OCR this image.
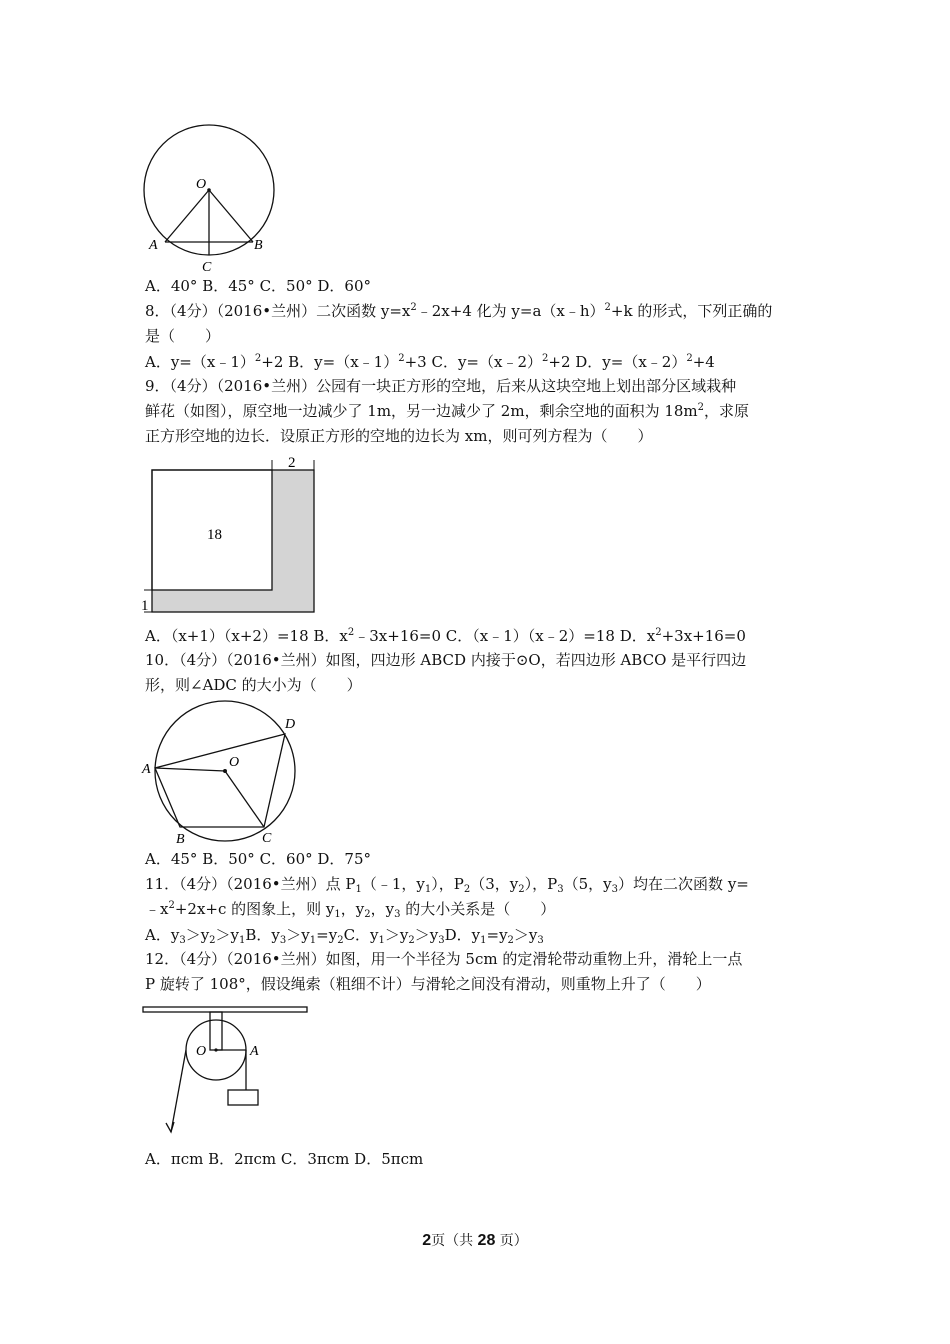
O
A	B
C
A．40° B．45° C．50° D．60°
8．（4分）（2016•兰州）二次函数 $y=x^2﹣2x+4$ 化为 y=a（x﹣h）$^2$+k 的形式，下列正确的
是（　　）
A．y=（x﹣1）$^2$+2 B．y=（x﹣1）$^2$+3 C．y=（x﹣2）$^2$+2 D．y=（x﹣2）$^2$+4
9．（4分）（2016•兰州）公园有一块正方形的空地，后来从这块空地上划出部分区域栽种
鲜花（如图），原空地一边减少了 1m，另一边减少了 2m，剩余空地的面积为 $18m^2$，求原
正方形空地的边长．设原正方形的空地的边长为 xm，则可列方程为（　　）
18
2
1
A．（x+1）（x+2）=18 B．$x^2﹣3x+16=0$ C．（x﹣1）（x﹣2）=18 D．$x^2+3x+16=0$
10．（4分）（2016•兰州）如图，四边形 ABCD 内接于⊙O，若四边形 ABCO 是平行四边
形，则∠ADC 的大小为（　　）
A
B	C
D
O
A．45° B．50° C．60° D．75°
11．（4分）（2016•兰州）点 $P_1(﹣1$，$y_1$），$P_2(3$，$y_2$），$P_3(5$，$y_3$）均在二次函数 y=
$﹣x^2+2x+c$ 的图象上，则 $y_1$，$y_2$，$y_3$ 的大小关系是（　　）
A．$y_3>y_2>y_1B$．$y_3>y_1=y_2C$．$y_1>y_2>y_3D$．$y_1=y_2>y_3$
12．（4分）（2016•兰州）如图，用一个半径为 5cm 的定滑轮带动重物上升，滑轮上一点
P 旋转了 108°，假设绳索（粗细不计）与滑轮之间没有滑动，则重物上升了（　　）
O	A
A．πcm B．2πcm C．3πcm D．5πcm
2页（共 28 页）
